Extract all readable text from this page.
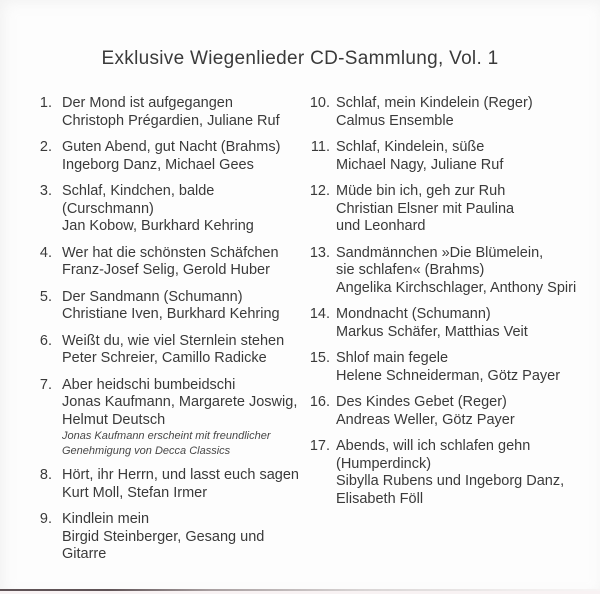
Exklusive Wiegenlieder CD-Sammlung, Vol. 1
1. Der Mond ist aufgegangen
Christoph Prégardien, Juliane Ruf
2. Guten Abend, gut Nacht (Brahms)
Ingeborg Danz, Michael Gees
3. Schlaf, Kindchen, balde (Curschmann)
Jan Kobow, Burkhard Kehring
4. Wer hat die schönsten Schäfchen
Franz-Josef Selig, Gerold Huber
5. Der Sandmann (Schumann)
Christiane Iven, Burkhard Kehring
6. Weißt du, wie viel Sternlein stehen
Peter Schreier, Camillo Radicke
7. Aber heidschi bumbeidschi
Jonas Kaufmann, Margarete Joswig,
Helmut Deutsch
Jonas Kaufmann erscheint mit freundlicher
Genehmigung von Decca Classics
8. Hört, ihr Herrn, und lasst euch sagen
Kurt Moll, Stefan Irmer
9. Kindlein mein
Birgid Steinberger, Gesang und Gitarre
10. Schlaf, mein Kindelein (Reger)
Calmus Ensemble
11. Schlaf, Kindelein, süße
Michael Nagy, Juliane Ruf
12. Müde bin ich, geh zur Ruh
Christian Elsner mit Paulina
und Leonhard
13. Sandmännchen »Die Blümelein,
sie schlafen« (Brahms)
Angelika Kirchschlager, Anthony Spiri
14. Mondnacht (Schumann)
Markus Schäfer, Matthias Veit
15. Shlof main fegele
Helene Schneiderman, Götz Payer
16. Des Kindes Gebet (Reger)
Andreas Weller, Götz Payer
17. Abends, will ich schlafen gehn
(Humperdinck)
Sibylla Rubens und Ingeborg Danz,
Elisabeth Föll
